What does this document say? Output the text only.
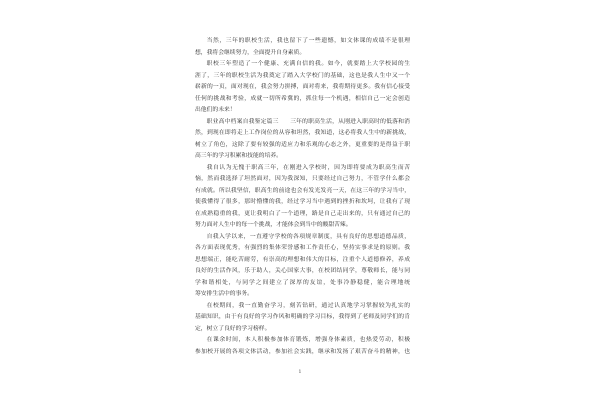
当然，三年的职校生活，我也留下了一些遗憾，如文体课的成绩不是很理
想，我将会继续努力，全面提升自身素质。
职校三年塑造了一个健康、充满自信的我。如今，就要踏上大学校园的生
涯了，三年的职校生活为我奠定了踏入大学校门的基础，这也是我人生中又一个
崭新的一页，面对现在，我会努力拼搏，面对将来，我将期待更多。我有信心接受
任何的挑战和考验，成就一切所希冀的，抓住每一个机遇，相信自己一定会创造
出他们的未来！
职业高中档案自我鉴定篇三 三年的职高生活，从刚进入职高时的低落和消
然，到现在即将走上工作岗位的从容和坦然，我知道，这必将我人生中的新挑战，
树立了角色，这除了要有较强的适应力和乐观的心态之外，更重要的是得益于职
高三年的学习积累和技能的培养。
我自认为无愧于职高三年，在刚进入学校时，因为即将要成为职高生而苦
恼，然而我选择了坦然面对，因为我深知，只要经过自己努力，不管学什么都会
有成就。所以我坚信，职高生的前途也会有发光发亮一天，在这三年的学习当中，
使我懂得了很多，那时懵懂的我，经过学习当中遇到的挫折和坎坷，让我有了现
在成熟稳重的我，更让我明白了一个道理，路是自己走出来的，只有通过自己的
努力面对人生中的每一个挑战，才能体会到当中的酸甜苦辣。
自我入学以来，一直遵守学校的各项规章制度，具有良好的思想道德品质，
各方面表现优秀，有强烈的集体荣誉感和工作责任心，坚持实事求是的原则。我
思想端正，能吃苦耐劳，有崇高的理想和伟大的目标，注重个人道德修养，养成
良好的生活作风，乐于助人，关心国家大事，在校团结同学，尊敬师长，能与同
学和谐相处，与同学之间建立了深厚的友谊，处事冷静稳健，能合理地统
筹安排生活中的事务。
在校期间，我一直勤奋学习，刻苦钻研，通过认真地学习掌握较为扎实的
基础知识，由于有良好的学习作风和明确的学习目标，我得到了老师及同学们的肯
定，树立了良好的学习榜样。
在课余时间，本人积极参加体育锻炼，增强身体素质，也热爱劳动，积极
参加校开展的各项文体活动，参加社会实践，继承和发扬了艰苦奋斗的精神，也
1
